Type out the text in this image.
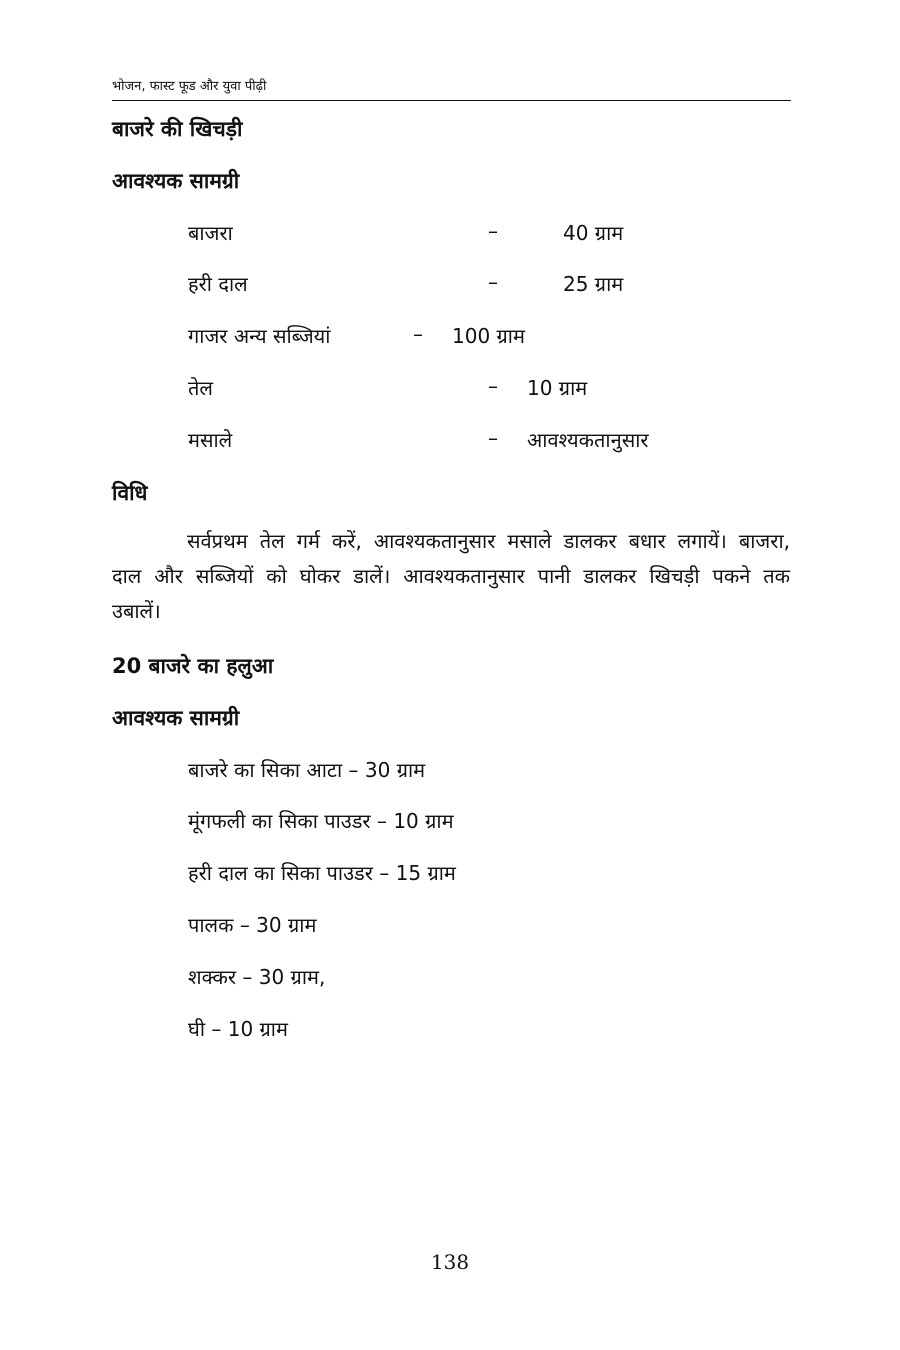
भोजन, फास्ट फूड और युवा पीढ़ी
बाजरे की खिचड़ी
आवश्यक सामग्री
बाजरा	–	40 ग्राम
हरी दाल	–	25 ग्राम
गाजर अन्य सब्जियां	– 100 ग्राम
तेल	– 10 ग्राम
मसाले	– आवश्यकतानुसार
विधि
सर्वप्रथम तेल गर्म करें, आवश्यकतानुसार मसाले डालकर बधार लगायें। बाजरा, दाल और सब्जियों को घोकर डालें। आवश्यकतानुसार पानी डालकर खिचड़ी पकने तक उबालें।
20 बाजरे का हलुआ
आवश्यक सामग्री
बाजरे का सिका आटा – 30 ग्राम
मूंगफली का सिका पाउडर – 10 ग्राम
हरी दाल का सिका पाउडर – 15 ग्राम
पालक – 30 ग्राम
शक्कर – 30 ग्राम,
घी – 10 ग्राम
138
